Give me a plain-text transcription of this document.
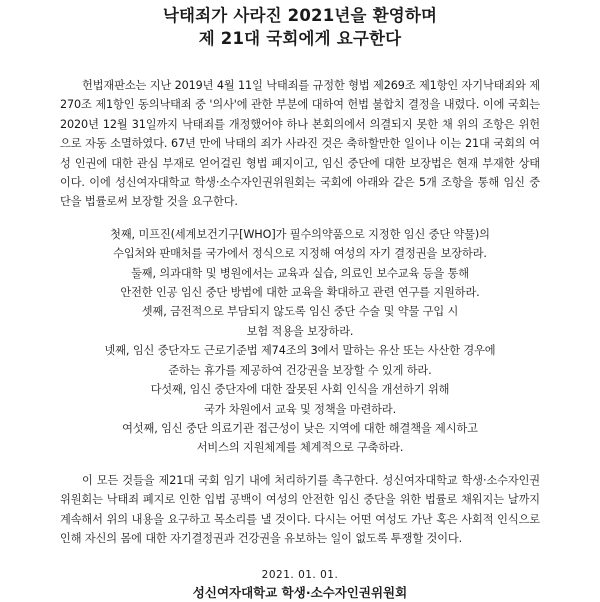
낙태죄가 사라진 2021년을 환영하며
제 21대 국회에게 요구한다

헌법재판소는 지난 2019년 4월 11일 낙태죄를 규정한 형법 제269조 제1항인 자기낙태죄와 제270조 제1항인 동의낙태죄 중 '의사'에 관한 부분에 대하여 헌법 불합치 결정을 내렸다. 이에 국회는 2020년 12월 31일까지 낙태죄를 개정했어야 하나 본회의에서 의결되지 못한 채 위의 조항은 위헌으로 자동 소멸하였다. 67년 만에 낙태의 죄가 사라진 것은 축하할만한 일이나 이는 21대 국회의 여성 인권에 대한 관심 부재로 얻어걸린 형법 폐지이고, 임신 중단에 대한 보장법은 현재 부재한 상태이다. 이에 성신여자대학교 학생·소수자인권위원회는 국회에 아래와 같은 5개 조항을 통해 임신 중단을 법률로써 보장할 것을 요구한다.

첫째, 미프진(세계보건기구[WHO]가 필수의약품으로 지정한 임신 중단 약물)의
수입처와 판매처를 국가에서 정식으로 지정해 여성의 자기 결정권을 보장하라.
둘째, 의과대학 및 병원에서는 교육과 실습, 의료인 보수교육 등을 통해
안전한 인공 임신 중단 방법에 대한 교육을 확대하고 관련 연구를 지원하라.
셋째, 금전적으로 부담되지 않도록 임신 중단 수술 및 약물 구입 시
보험 적용을 보장하라.
넷째, 임신 중단자도 근로기준법 제74조의 3에서 말하는 유산 또는 사산한 경우에
준하는 휴가를 제공하여 건강권을 보장할 수 있게 하라.
다섯째, 임신 중단자에 대한 잘못된 사회 인식을 개선하기 위해
국가 차원에서 교육 및 정책을 마련하라.
여섯째, 임신 중단 의료기관 접근성이 낮은 지역에 대한 해결책을 제시하고
서비스의 지원체계를 체계적으로 구축하라.

이 모든 것들을 제21대 국회 임기 내에 처리하기를 촉구한다. 성신여자대학교 학생·소수자인권위원회는 낙태죄 폐지로 인한 입법 공백이 여성의 안전한 임신 중단을 위한 법률로 채워지는 날까지 계속해서 위의 내용을 요구하고 목소리를 낼 것이다. 다시는 어떤 여성도 가난 혹은 사회적 인식으로 인해 자신의 몸에 대한 자기결정권과 건강권을 유보하는 일이 없도록 투쟁할 것이다.

2021. 01. 01.
성신여자대학교 학생·소수자인권위원회
